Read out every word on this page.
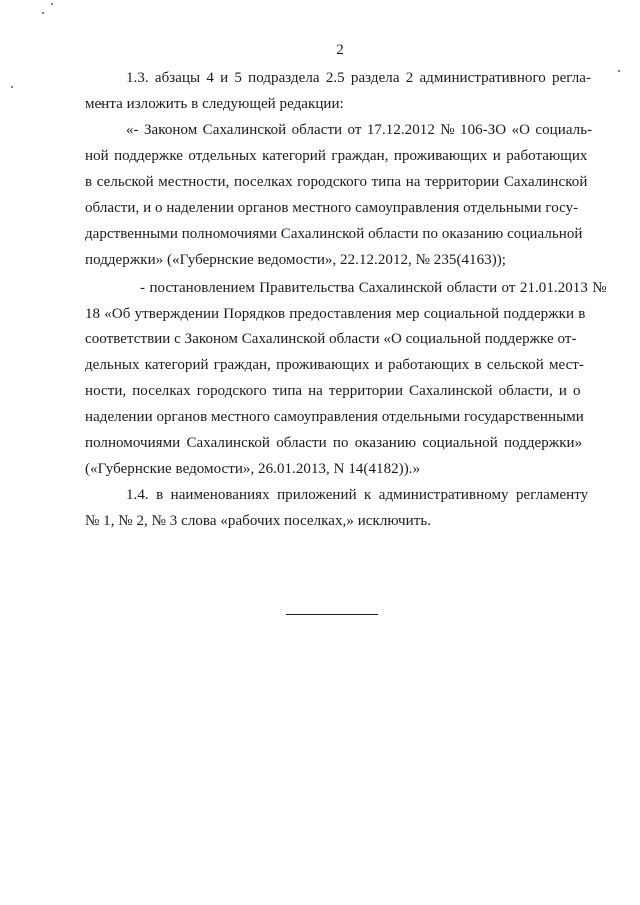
2
1.3. абзацы 4 и 5 подраздела 2.5 раздела 2 административного регла-
мента изложить в следующей редакции:
«- Законом Сахалинской области от 17.12.2012 № 106-ЗО «О социаль-
ной поддержке отдельных категорий граждан, проживающих и работающих
в сельской местности, поселках городского типа на территории Сахалинской
области, и о наделении органов местного самоуправления отдельными госу-
дарственными полномочиями Сахалинской области по оказанию социальной
поддержки» («Губернские ведомости», 22.12.2012, № 235(4163));
- постановлением Правительства Сахалинской области от 21.01.2013 №
18 «Об утверждении Порядков предоставления мер социальной поддержки в
соответствии с Законом Сахалинской области «О социальной поддержке от-
дельных категорий граждан, проживающих и работающих в сельской мест-
ности, поселках городского типа на территории Сахалинской области, и о
наделении органов местного самоуправления отдельными государственными
полномочиями Сахалинской области по оказанию социальной поддержки»
(«Губернские ведомости», 26.01.2013, N 14(4182)).»
1.4. в наименованиях приложений к административному регламенту
№ 1, № 2, № 3 слова «рабочих поселках,» исключить.
